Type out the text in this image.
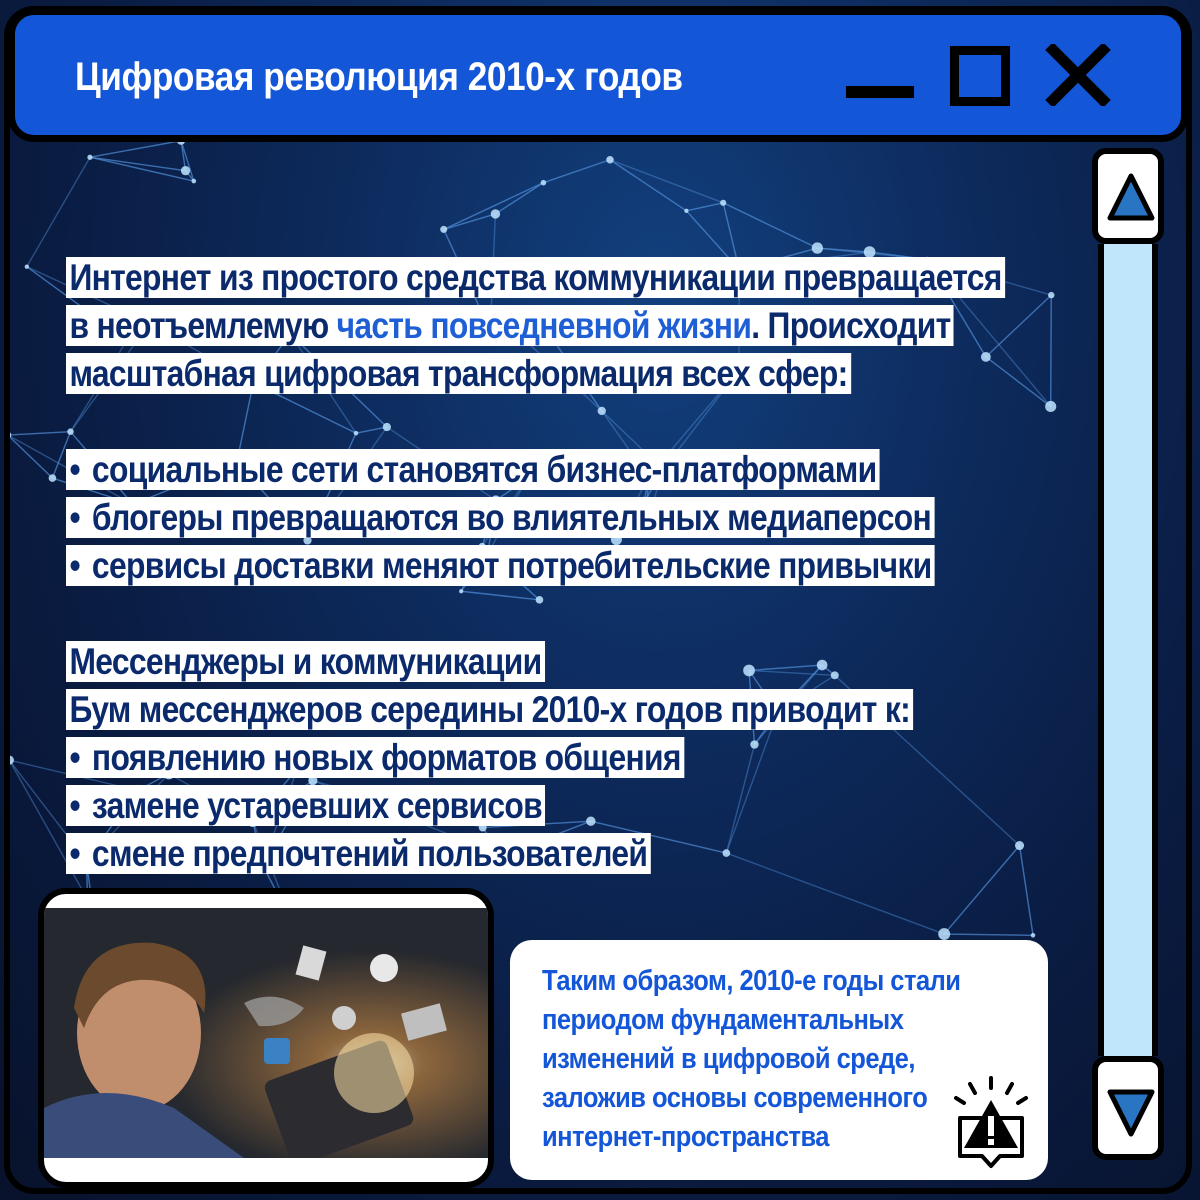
Цифровая революция 2010-х годов
Интернет из простого средства коммуникации превращается
в неотъемлемую часть повседневной жизни. Происходит
масштабная цифровая трансформация всех сфер:
• социальные сети становятся бизнес-платформами
• блогеры превращаются во влиятельных медиаперсон
• сервисы доставки меняют потребительские привычки
Мессенджеры и коммуникации
Бум мессенджеров середины 2010-х годов приводит к:
• появлению новых форматов общения
• замене устаревших сервисов
• смене предпочтений пользователей
Таким образом, 2010-е годы стали
периодом фундаментальных
изменений в цифровой среде,
заложив основы современного
интернет-пространства
